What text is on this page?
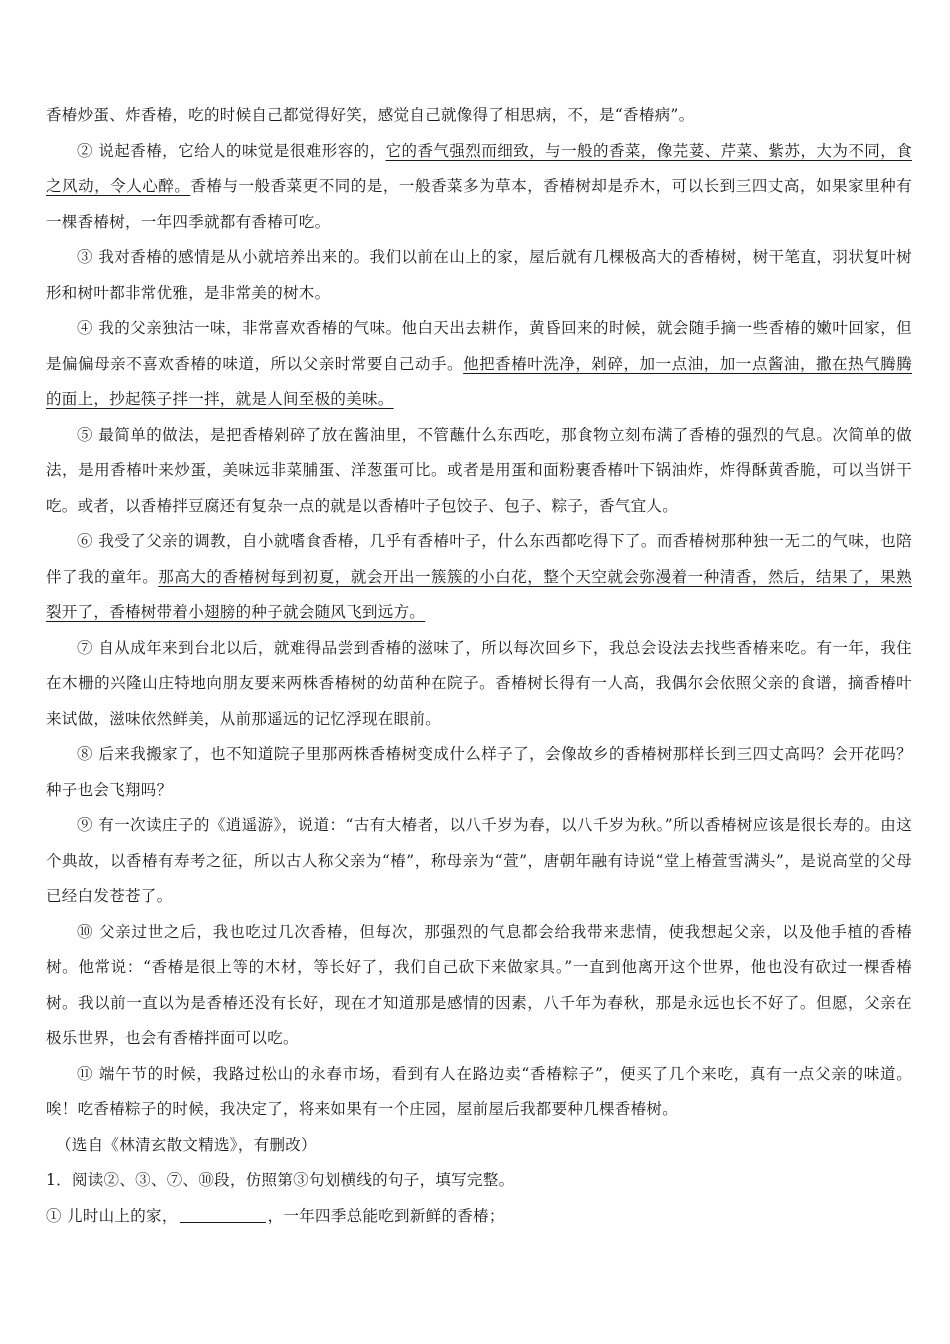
香椿炒蛋、炸香椿，吃的时候自己都觉得好笑，感觉自己就像得了相思病，不，是“香椿病”。

② 说起香椿，它给人的味觉是很难形容的，它的香气强烈而细致，与一般的香菜，像芫荽、芹菜、紫苏，大为不同，食之风动，令人心醉。香椿与一般香菜更不同的是，一般香菜多为草本，香椿树却是乔木，可以长到三四丈高，如果家里种有一棵香椿树，一年四季就都有香椿可吃。

③ 我对香椿的感情是从小就培养出来的。我们以前在山上的家，屋后就有几棵极高大的香椿树，树干笔直，羽状复叶树形和树叶都非常优雅，是非常美的树木。

④ 我的父亲独沽一味，非常喜欢香椿的气味。他白天出去耕作，黄昏回来的时候，就会随手摘一些香椿的嫩叶回家，但是偏偏母亲不喜欢香椿的味道，所以父亲时常要自己动手。他把香椿叶洗净，剁碎，加一点油，加一点酱油，撒在热气腾腾的面上，抄起筷子拌一拌，就是人间至极的美味。

⑤ 最简单的做法，是把香椿剁碎了放在酱油里，不管蘸什么东西吃，那食物立刻布满了香椿的强烈的气息。次简单的做法，是用香椿叶来炒蛋，美味远非菜脯蛋、洋葱蛋可比。或者是用蛋和面粉裹香椿叶下锅油炸，炸得酥黄香脆，可以当饼干吃。或者，以香椿拌豆腐还有复杂一点的就是以香椿叶子包饺子、包子、粽子，香气宜人。

⑥ 我受了父亲的调教，自小就嗜食香椿，几乎有香椿叶子，什么东西都吃得下了。而香椿树那种独一无二的气味，也陪伴了我的童年。那高大的香椿树每到初夏，就会开出一簇簇的小白花，整个天空就会弥漫着一种清香，然后，结果了，果熟裂开了，香椿树带着小翅膀的种子就会随风飞到远方。

⑦ 自从成年来到台北以后，就难得品尝到香椿的滋味了，所以每次回乡下，我总会设法去找些香椿来吃。有一年，我住在木栅的兴隆山庄特地向朋友要来两株香椿树的幼苗种在院子。香椿树长得有一人高，我偶尔会依照父亲的食谱，摘香椿叶来试做，滋味依然鲜美，从前那遥远的记忆浮现在眼前。

⑧ 后来我搬家了，也不知道院子里那两株香椿树变成什么样子了，会像故乡的香椿树那样长到三四丈高吗？会开花吗？种子也会飞翔吗？

⑨ 有一次读庄子的《逍遥游》，说道：“古有大椿者，以八千岁为春，以八千岁为秋。”所以香椿树应该是很长寿的。由这个典故，以香椿有寿考之征，所以古人称父亲为“椿”，称母亲为“萱”，唐朝年融有诗说“堂上椿萱雪满头”，是说高堂的父母已经白发苍苍了。

⑩ 父亲过世之后，我也吃过几次香椿，但每次，那强烈的气息都会给我带来悲情，使我想起父亲，以及他手植的香椿树。他常说：“香椿是很上等的木材，等长好了，我们自己砍下来做家具。”一直到他离开这个世界，他也没有砍过一棵香椿树。我以前一直以为是香椿还没有长好，现在才知道那是感情的因素，八千年为春秋，那是永远也长不好了。但愿，父亲在极乐世界，也会有香椿拌面可以吃。

⑪ 端午节的时候，我路过松山的永春市场，看到有人在路边卖“香椿粽子”，便买了几个来吃，真有一点父亲的味道。唉！吃香椿粽子的时候，我决定了，将来如果有一个庄园，屋前屋后我都要种几棵香椿树。

（选自《林清玄散文精选》，有删改）

1．阅读②、③、⑦、⑩段，仿照第③句划横线的句子，填写完整。

① 儿时山上的家，	，一年四季总能吃到新鲜的香椿；
